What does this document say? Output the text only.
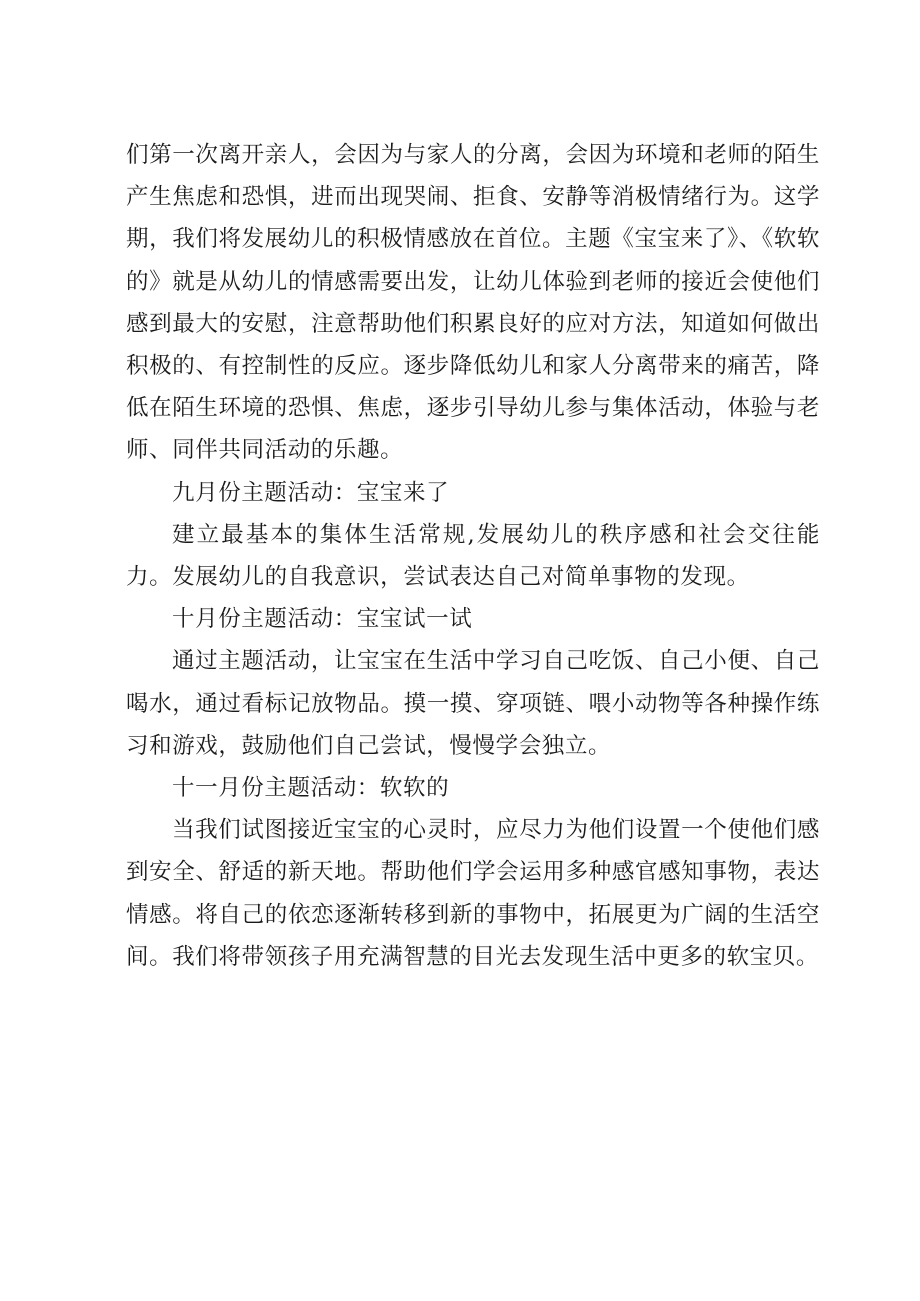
们第一次离开亲人，会因为与家人的分离，会因为环境和老师的陌生产生焦虑和恐惧，进而出现哭闹、拒食、安静等消极情绪行为。这学期，我们将发展幼儿的积极情感放在首位。主题《宝宝来了》、《软软的》就是从幼儿的情感需要出发，让幼儿体验到老师的接近会使他们感到最大的安慰，注意帮助他们积累良好的应对方法，知道如何做出积极的、有控制性的反应。逐步降低幼儿和家人分离带来的痛苦，降低在陌生环境的恐惧、焦虑，逐步引导幼儿参与集体活动，体验与老师、同伴共同活动的乐趣。

九月份主题活动：宝宝来了

建立最基本的集体生活常规,发展幼儿的秩序感和社会交往能力。发展幼儿的自我意识，尝试表达自己对简单事物的发现。

十月份主题活动：宝宝试一试

通过主题活动，让宝宝在生活中学习自己吃饭、自己小便、自己喝水，通过看标记放物品。摸一摸、穿项链、喂小动物等各种操作练习和游戏，鼓励他们自己尝试，慢慢学会独立。

十一月份主题活动：软软的

当我们试图接近宝宝的心灵时，应尽力为他们设置一个使他们感到安全、舒适的新天地。帮助他们学会运用多种感官感知事物，表达情感。将自己的依恋逐渐转移到新的事物中，拓展更为广阔的生活空间。我们将带领孩子用充满智慧的目光去发现生活中更多的软宝贝。
